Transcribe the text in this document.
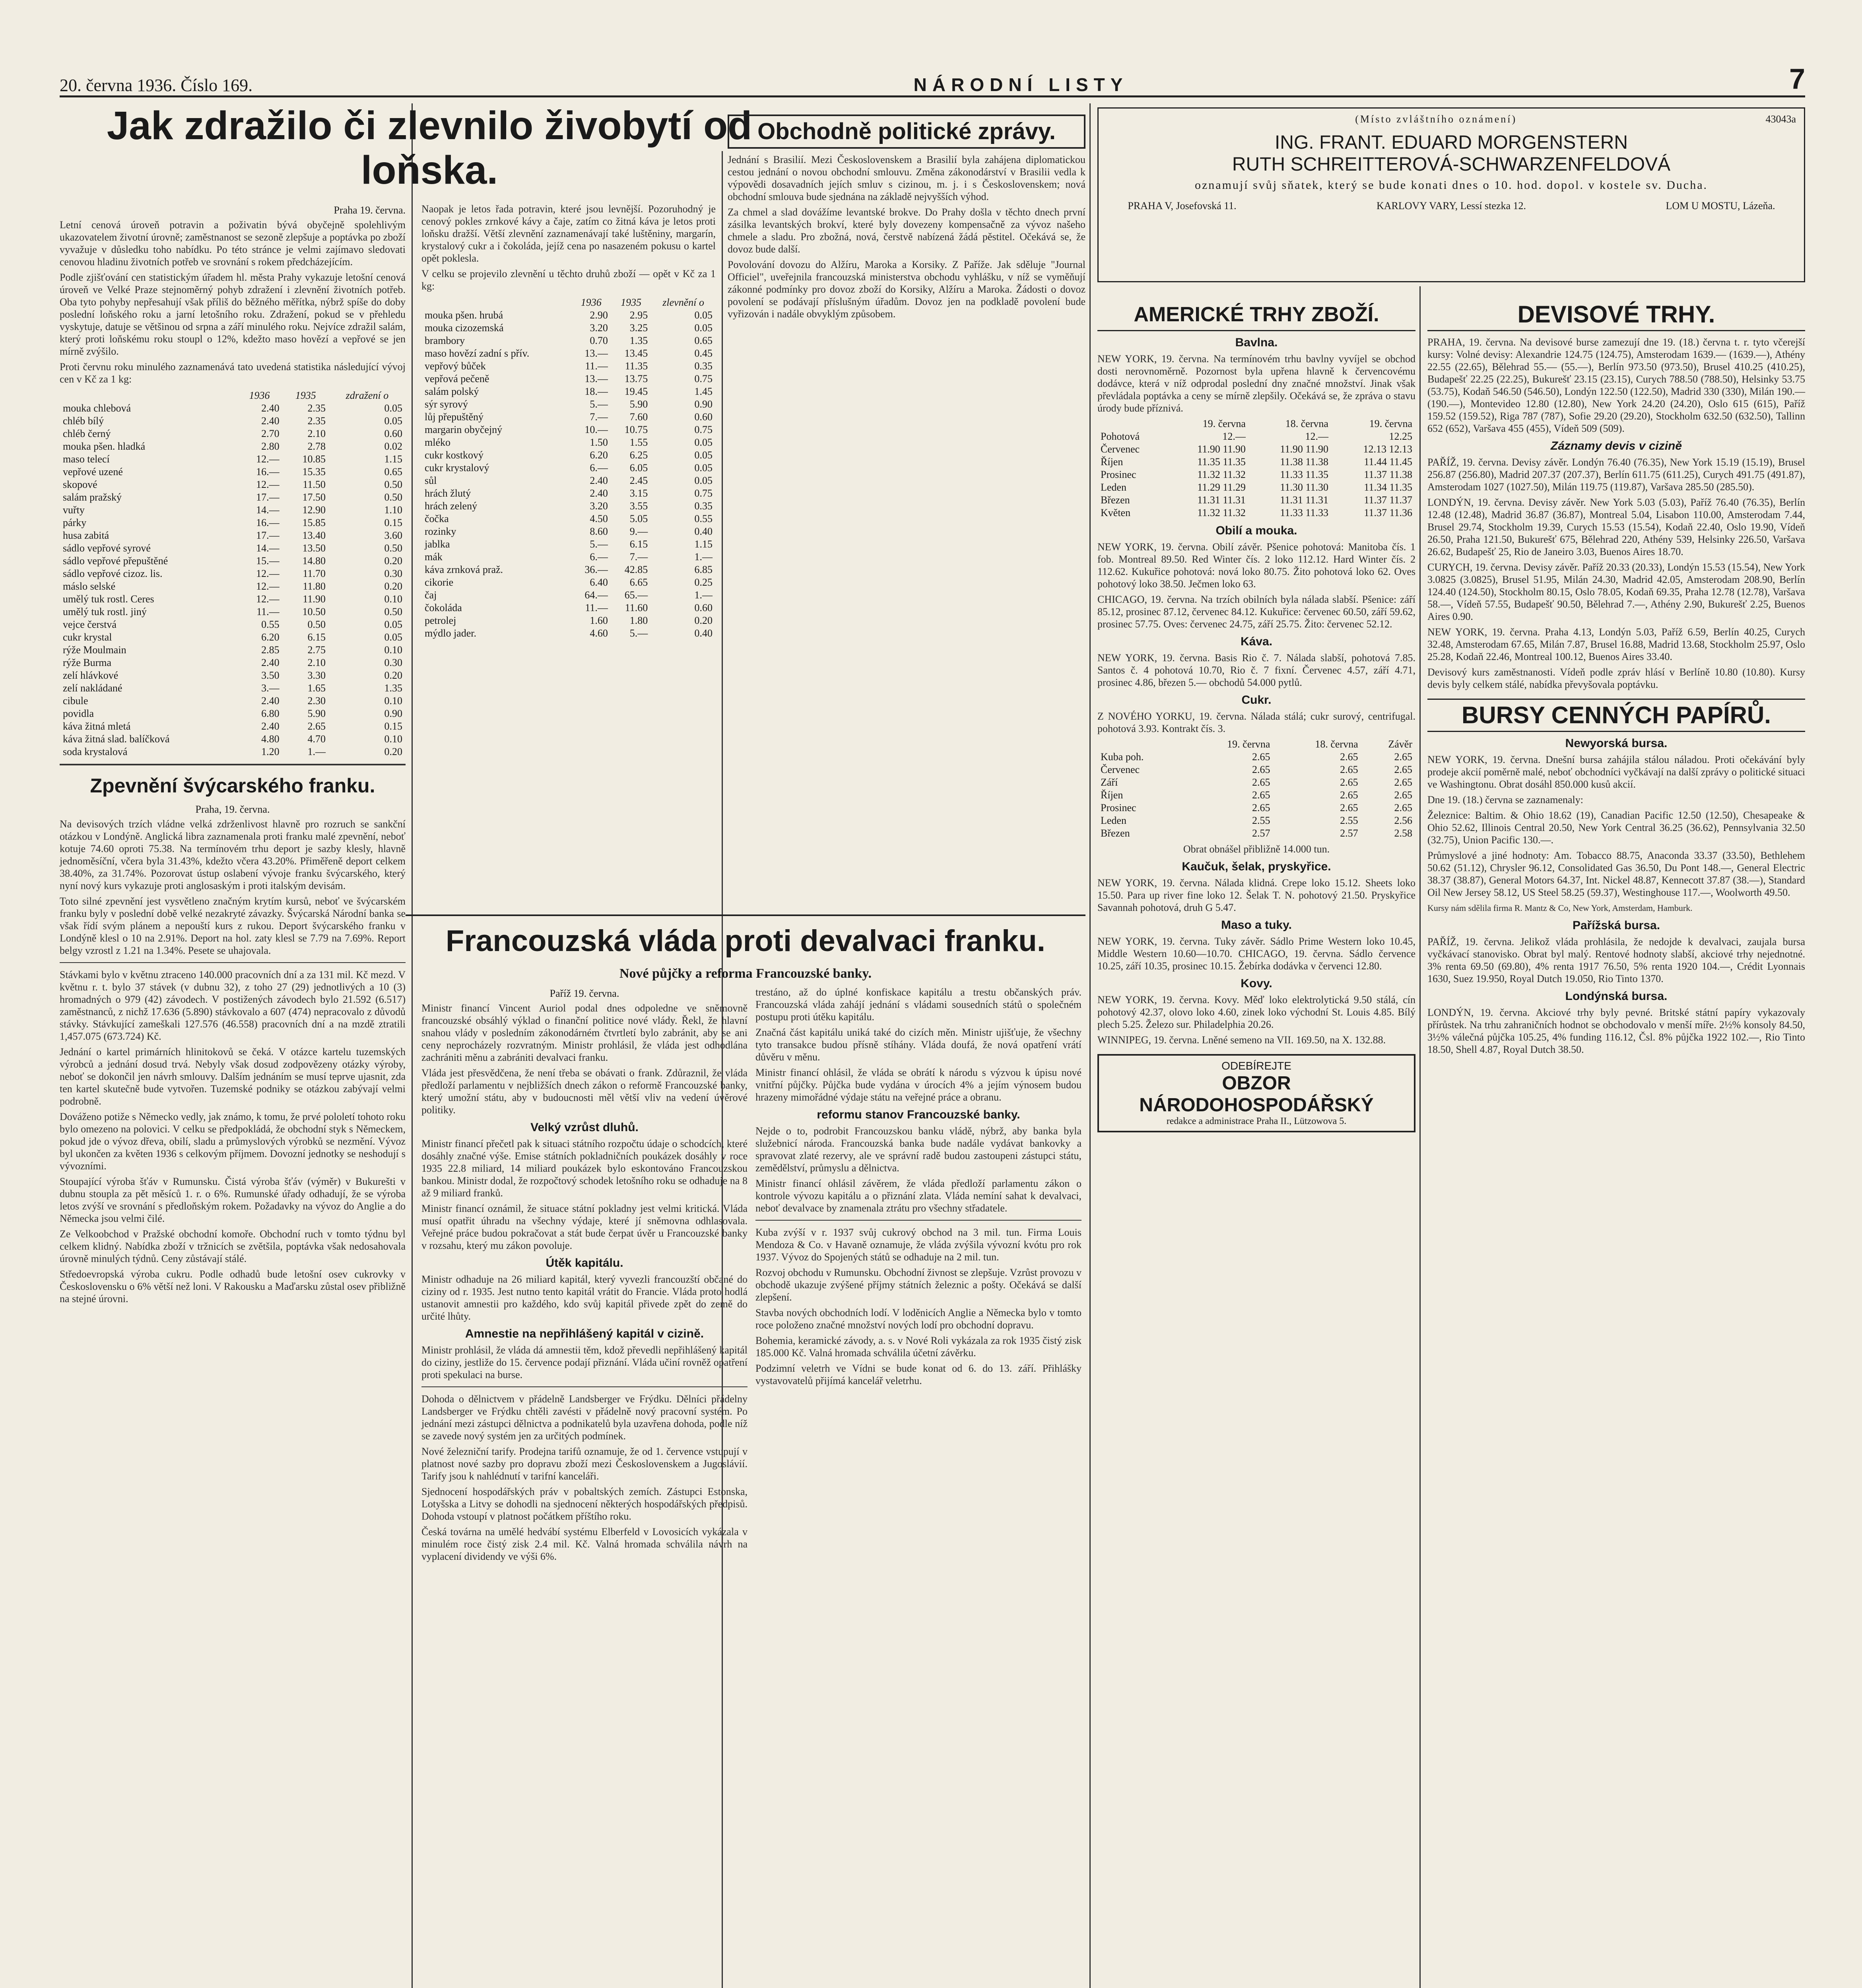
20. června 1936. Číslo 169.	NÁRODNÍ LISTY	7
Jak zdražilo či zlevnilo živobytí od loňska.
Praha 19. června.

Letní cenová úroveň potravin a poživatin bývá obyčejně spolehlivým ukazovatelem životní úrovně; zaměstnanost se sezoně zlepšuje a poptávka po zboží vyvažuje v důsledku toho nabídku. Po této stránce je velmi zajímavo sledovati cenovou hladinu životních potřeb ve srovnání s rokem předcházejícím.

Podle zjišťování cen statistickým úřadem hl. města Prahy vykazuje letošní cenová úroveň ve Velké Praze stejnoměrný pohyb zdražení i zlevnění životních potřeb. Oba tyto pohyby nepřesahují však příliš do běžného měřítka, nýbrž spíše do doby poslední loňského roku a jarní letošního roku. Zdražení, pokud se v přehledu vyskytuje, datuje se většinou od srpna a září minulého roku. Nejvíce zdražil salám, který proti loňskému roku stoupl o 12%, kdežto maso hovězí a vepřové se jen mírně zvýšilo.

Proti červnu roku minulého zaznamenává tato uvedená statistika následující vývoj cen v Kč za 1 kg:

	1936	1935	zdražení o
mouka chlebová	2.40	2.35	0.05
chléb bílý	2.40	2.35	0.05
chléb černý	2.70	2.10	0.60
mouka pšen. hladká	2.80	2.78	0.02
maso telecí	12.—	10.85	1.15
vepřové uzené	16.—	15.35	0.65
skopové	12.—	11.50	0.50
salám pražský	17.—	17.50	0.50
vuřty	14.—	12.90	1.10
párky	16.—	15.85	0.15
husa zabitá	17.—	13.40	3.60
sádlo vepřové syrové	14.—	13.50	0.50
sádlo vepřové přepuštěné	15.—	14.80	0.20
sádlo vepřové cizoz. lis.	12.—	11.70	0.30
máslo selské	12.—	11.80	0.20
umělý tuk rostl. Ceres	12.—	11.90	0.10
umělý tuk rostl. jiný	11.—	10.50	0.50
vejce čerstvá	0.55	0.50	0.05
cukr krystal	6.20	6.15	0.05
rýže Moulmain	2.85	2.75	0.10
rýže Burma	2.40	2.10	0.30
zelí hlávkové	3.50	3.30	0.20
zelí nakládané	3.—	1.65	1.35
cibule	2.40	2.30	0.10
povidla	6.80	5.90	0.90
káva žitná mletá	2.40	2.65	0.15
káva žitná slad. balíčková	4.80	4.70	0.10
soda krystalová	1.20	1.—	0.20
Zpevnění švýcarského franku.
Praha, 19. června.

Na devisových trzích vládne velká zdrženlivost hlavně pro rozruch se sankční otázkou v Londýně. Anglická libra zaznamenala proti franku malé zpevnění, neboť kotuje 74.60 oproti 75.38. Na termínovém trhu deport je sazby klesly, hlavně jednoměsíční, včera byla 31.43%, kdežto včera 43.20%. Přiměřeně deport celkem 38.40%, za 31.74%. Pozorovat ústup oslabení vývoje franku švýcarského, který nyní nový kurs vykazuje proti anglosaským i proti italským devisám.

Toto silné zpevnění jest vysvětleno značným krytím kursů, neboť ve švýcarském franku byly v poslední době velké nezakryté závazky. Švýcarská Národní banka se však řídí svým plánem a nepouští kurs z rukou. Deport švýcarského franku v Londýně klesl o 10 na 2.91%. Deport na hol. zaty klesl se 7.79 na 7.69%. Report belgy vzrostl z 1.21 na 1.34%. Pesete se uhajovala.

Stávkami bylo v květnu ztraceno 140.000 pracovních dní a za 131 mil. Kč mezd. V květnu r. t. bylo 37 stávek (v dubnu 32), z toho 27 (29) jednotlivých a 10 (3) hromadných o 979 (42) závodech. V postižených závodech bylo 21.592 (6.517) zaměstnanců, z nichž 17.636 (5.890) stávkovalo a 607 (474) nepracovalo z důvodů stávky. Stávkující zameškali 127.576 (46.558) pracovních dní a na mzdě ztratili 1,457.075 (673.724) Kč.

Jednání o kartel primárních hlinitokovů se čeká. V otázce kartelu tuzemských výrobců a jednání dosud trvá. Nebyly však dosud zodpovězeny otázky výroby, neboť se dokončil jen návrh smlouvy. Dalším jednáním se musí teprve ujasnit, zda ten kartel skutečně bude vytvořen. Tuzemské podniky se otázkou zabývají velmi podrobně.

Dováženo potiže s Německo vedly, jak známo, k tomu, že prvé pololetí tohoto roku bylo omezeno na polovici. V celku se předpokládá, že obchodní styk s Německem, pokud jde o vývoz dřeva, obilí, sladu a průmyslových výrobků se nezmění. Vývoz byl ukončen za květen 1936 s celkovým příjmem. Dovozní jednotky se neshodují s vývozními.

Stoupající výroba šťáv v Rumunsku. Čistá výroba šťáv (výměr) v Bukurešti v dubnu stoupla za pět měsíců 1. r. o 6%. Rumunské úřady odhadují, že se výroba letos zvýší ve srovnání s předloňským rokem. Požadavky na vývoz do Anglie a do Německa jsou velmi čilé.

Ze Velkoobchod v Pražské obchodní komoře. Obchodní ruch v tomto týdnu byl celkem klidný. Nabídka zboží v tržnicích se zvětšila, poptávka však nedosahovala úrovně minulých týdnů. Ceny zůstávají stálé.

Středoevropská výroba cukru. Podle odhadů bude letošní osev cukrovky v Československu o 6% větší než loni. V Rakousku a Maďarsku zůstal osev přibližně na stejné úrovni.

Naopak je letos řada potravin, které jsou levnější. Pozoruhodný je cenový pokles zrnkové kávy a čaje, zatím co žitná káva je letos proti loňsku dražší. Větší zlevnění zaznamenávají také luštěniny, margarín, krystalový cukr a i čokoláda, jejíž cena po nasazeném pokusu o kartel opět poklesla.

V celku se projevilo zlevnění u těchto druhů zboží — opět v Kč za 1 kg:

	1936	1935	zlevnění o
mouka pšen. hrubá	2.90	2.95	0.05
mouka cizozemská	3.20	3.25	0.05
brambory	0.70	1.35	0.65
maso hovězí zadní s přív.	13.—	13.45	0.45
vepřový bůček	11.—	11.35	0.35
vepřová pečeně	13.—	13.75	0.75
salám polský	18.—	19.45	1.45
sýr syrový	5.—	5.90	0.90
lůj přepuštěný	7.—	7.60	0.60
margarin obyčejný	10.—	10.75	0.75
mléko	1.50	1.55	0.05
cukr kostkový	6.20	6.25	0.05
cukr krystalový	6.—	6.05	0.05
sůl	2.40	2.45	0.05
hrách žlutý	2.40	3.15	0.75
hrách zelený	3.20	3.55	0.35
čočka	4.50	5.05	0.55
rozinky	8.60	9.—	0.40
jablka	5.—	6.15	1.15
mák	6.—	7.—	1.—
káva zrnková praž.	36.—	42.85	6.85
cikorie	6.40	6.65	0.25
čaj	64.—	65.—	1.—
čokoláda	11.—	11.60	0.60
petrolej	1.60	1.80	0.20
mýdlo jader.	4.60	5.—	0.40
Obchodně politické zprávy.

Jednání s Brasilií. Mezi Československem a Brasilií byla zahájena diplomatickou cestou jednání o novou obchodní smlouvu. Změna zákonodárství v Brasilii vedla k výpovědi dosavadních jejích smluv s cizinou, m. j. i s Československem; nová obchodní smlouva bude sjednána na základě nejvyšších výhod.

Za chmel a slad dovážíme levantské brokve. Do Prahy došla v těchto dnech první zásilka levantských brokví, které byly dovezeny kompensačně za vývoz našeho chmele a sladu. Pro zbožná, nová, čerstvě nabízená žádá pěstitel. Očekává se, že dovoz bude další.

Povolování dovozu do Alžíru, Maroka a Korsiky. Z Paříže. Jak sděluje "Journal Officiel", uveřejnila francouzská ministerstva obchodu vyhlášku, v níž se vyměňují zákonné podmínky pro dovoz zboží do Korsiky, Alžíru a Maroka. Žádosti o dovoz povolení se podávají příslušným úřadům. Dovoz jen na podkladě povolení bude vyřizován i nadále obvyklým způsobem.

Francouzská vláda proti devalvaci franku.
Nové půjčky a reforma Francouzské banky.
Paříž 19. června.

Ministr financí Vincent Auriol podal dnes odpoledne ve sněmovně francouzské obsáhlý výklad o finanční politice nové vlády. Řekl, že hlavní snahou vlády v posledním zákonodárném čtvrtletí bylo zabránit, aby se ani ceny neprocházely rozvratným. Ministr prohlásil, že vláda jest odhodlána zachrániti měnu a zabrániti devalvaci franku.

Vláda jest přesvědčena, že není třeba se obávati o frank. Zdůraznil, že vláda předloží parlamentu v nejbližších dnech zákon o reformě Francouzské banky, který umožní státu, aby v budoucnosti měl větší vliv na vedení úvěrové politiky.

Velký vzrůst dluhů.

Ministr financí přečetl pak k situaci státního rozpočtu údaje o schodcích, které dosáhly značné výše. Emise státních pokladničních poukázek dosáhly v roce 1935 22.8 miliard, 14 miliard poukázek bylo eskontováno Francouzskou bankou. Ministr dodal, že rozpočtový schodek letošního roku se odhaduje na 8 až 9 miliard franků.

Ministr financí oznámil, že situace státní pokladny jest velmi kritická. Vláda musí opatřit úhradu na všechny výdaje, které jí sněmovna odhlasovala. Veřejné práce budou pokračovat a stát bude čerpat úvěr u Francouzské banky v rozsahu, který mu zákon povoluje.

Útěk kapitálu.

Ministr odhaduje na 26 miliard kapitál, který vyvezli francouzští občané do ciziny od r. 1935. Jest nutno tento kapitál vrátit do Francie. Vláda proto hodlá ustanovit amnestii pro každého, kdo svůj kapitál přivede zpět do země do určité lhůty.

Amnestie na nepřihlášený kapitál v cizině.

Ministr prohlásil, že vláda dá amnestii těm, kdož převedli nepřihlášený kapitál do ciziny, jestliže do 15. července podají přiznání. Vláda učiní rovněž opatření proti spekulaci na burse.

Dohoda o dělnictvem v přádelně Landsberger ve Frýdku. Dělníci přádelny Landsberger ve Frýdku chtěli zavésti v přádelně nový pracovní systém. Po jednání mezi zástupci dělnictva a podnikatelů byla uzavřena dohoda, podle níž se zavede nový systém jen za určitých podmínek.

Nové železniční tarify. Prodejna tarifů oznamuje, že od 1. července vstupují v platnost nové sazby pro dopravu zboží mezi Československem a Jugoslávií. Tarify jsou k nahlédnutí v tarifní kanceláři.

Sjednocení hospodářských práv v pobaltských zemích. Zástupci Estonska, Lotyšska a Litvy se dohodli na sjednocení některých hospodářských předpisů. Dohoda vstoupí v platnost počátkem příštího roku.

Česká továrna na umělé hedvábí systému Elberfeld v Lovosicích vykázala v minulém roce čistý zisk 2.4 mil. Kč. Valná hromada schválila návrh na vyplacení dividendy ve výši 6%.

trestáno, až do úplné konfiskace kapitálu a trestu občanských práv. Francouzská vláda zahájí jednání s vládami sousedních států o společném postupu proti útěku kapitálu.

Značná část kapitálu uniká také do cizích měn. Ministr ujišťuje, že všechny tyto transakce budou přísně stíhány. Vláda doufá, že nová opatření vrátí důvěru v měnu.

Ministr financí ohlásil, že vláda se obrátí k národu s výzvou k úpisu nové vnitřní půjčky. Půjčka bude vydána v úrocích 4% a jejím výnosem budou hrazeny mimořádné výdaje státu na veřejné práce a obranu.

reformu stanov Francouzské banky.

Nejde o to, podrobit Francouzskou banku vládě, nýbrž, aby banka byla služebnicí národa. Francouzská banka bude nadále vydávat bankovky a spravovat zlaté rezervy, ale ve správní radě budou zastoupeni zástupci státu, zemědělství, průmyslu a dělnictva.

Ministr financí ohlásil závěrem, že vláda předloží parlamentu zákon o kontrole vývozu kapitálu a o přiznání zlata. Vláda nemíní sahat k devalvaci, neboť devalvace by znamenala ztrátu pro všechny střadatele.

Kuba zvýší v r. 1937 svůj cukrový obchod na 3 mil. tun. Firma Louis Mendoza & Co. v Havaně oznamuje, že vláda zvýšila vývozní kvótu pro rok 1937. Vývoz do Spojených států se odhaduje na 2 mil. tun.

Rozvoj obchodu v Rumunsku. Obchodní živnost se zlepšuje. Vzrůst provozu v obchodě ukazuje zvýšené příjmy státních železnic a pošty. Očekává se další zlepšení.

Stavba nových obchodních lodí. V loděnicích Anglie a Německa bylo v tomto roce položeno značné množství nových lodí pro obchodní dopravu.

Bohemia, keramické závody, a. s. v Nové Roli vykázala za rok 1935 čistý zisk 185.000 Kč. Valná hromada schválila účetní závěrku.

Podzimní veletrh ve Vídni se bude konat od 6. do 13. září. Přihlášky vystavovatelů přijímá kancelář veletrhu.

(Místo zvláštního oznámení)	43043a
ING. FRANT. EDUARD MORGENSTERN
RUTH SCHREITTEROVÁ-SCHWARZENFELDOVÁ
oznamují svůj sňatek, který se bude konati dnes o 10. hod. dopol. v kostele sv. Ducha.
PRAHA V, Josefovská 11.	KARLOVY VARY, Lessí stezka 12.	LOM U MOSTU, Lázeňa.
AMERICKÉ TRHY ZBOŽÍ.
Bavlna.

NEW YORK, 19. června. Na termínovém trhu bavlny vyvíjel se obchod dosti nerovnoměrně. Pozornost byla upřena hlavně k červencovému dodávce, která v níž odprodal poslední dny značné množství. Jinak však převládala poptávka a ceny se mírně zlepšily. Očekává se, že zpráva o stavu úrody bude příznivá.

	19. června	18. června	19. června
Pohotová	12.—	12.—	12.25
Červenec	11.90 11.90	11.90 11.90	12.13 12.13
Říjen	11.35 11.35	11.38 11.38	11.44 11.45
Prosinec	11.32 11.32	11.33 11.35	11.37 11.38
Leden	11.29 11.29	11.30 11.30	11.34 11.35
Březen	11.31 11.31	11.31 11.31	11.37 11.37
Květen	11.32 11.32	11.33 11.33	11.37 11.36
Obilí a mouka.

NEW YORK, 19. června. Obilí závěr. Pšenice pohotová: Manitoba čís. 1 fob. Montreal 89.50. Red Winter čís. 2 loko 112.12. Hard Winter čís. 2 112.62. Kukuřice pohotová: nová loko 80.75. Žito pohotová loko 62. Oves pohotový loko 38.50. Ječmen loko 63.

CHICAGO, 19. června. Na trzích obilních byla nálada slabší. Pšenice: září 85.12, prosinec 87.12, červenec 84.12. Kukuřice: červenec 60.50, září 59.62, prosinec 57.75. Oves: červenec 24.75, září 25.75. Žito: červenec 52.12.

Káva.

NEW YORK, 19. června. Basis Rio č. 7. Nálada slabší, pohotová 7.85. Santos č. 4 pohotová 10.70, Rio č. 7 fixní. Červenec 4.57, září 4.71, prosinec 4.86, březen 5.— obchodů 54.000 pytlů.

Cukr.

Z NOVÉHO YORKU, 19. června. Nálada stálá; cukr surový, centrifugal. pohotová 3.93. Kontrakt čís. 3.

	19. června	18. června	Závěr
Kuba poh.	2.65	2.65	2.65
Červenec	2.65	2.65	2.65
Září	2.65	2.65	2.65
Říjen	2.65	2.65	2.65
Prosinec	2.65	2.65	2.65
Leden	2.55	2.55	2.56
Březen	2.57	2.57	2.58

Obrat obnášel přibližně 14.000 tun.

Kaučuk, šelak, pryskyřice.

NEW YORK, 19. června. Nálada klidná. Crepe loko 15.12. Sheets loko 15.50. Para up river fine loko 12. Šelak T. N. pohotový 21.50. Pryskyřice Savannah pohotová, druh G 5.47.

Maso a tuky.

NEW YORK, 19. června. Tuky závěr. Sádlo Prime Western loko 10.45, Middle Western 10.60—10.70. CHICAGO, 19. června. Sádlo července 10.25, září 10.35, prosinec 10.15. Žebírka dodávka v červenci 12.80.

Kovy.

NEW YORK, 19. června. Kovy. Měď loko elektrolytická 9.50 stálá, cín pohotový 42.37, olovo loko 4.60, zinek loko východní St. Louis 4.85. Bílý plech 5.25. Železo sur. Philadelphia 20.26.

WINNIPEG, 19. června. Lněné semeno na VII. 169.50, na X. 132.88.

ODEBÍREJTE
OBZOR NÁRODOHOSPODÁŘSKÝ
redakce a administrace Praha II., Lützowova 5.
DEVISOVÉ TRHY.

PRAHA, 19. června. Na devisové burse zamezují dne 19. (18.) června t. r. tyto včerejší kursy: Volné devisy: Alexandrie 124.75 (124.75), Amsterodam 1639.— (1639.—), Athény 22.55 (22.65), Bělehrad 55.— (55.—), Berlín 973.50 (973.50), Brusel 410.25 (410.25), Budapešť 22.25 (22.25), Bukurešť 23.15 (23.15), Curych 788.50 (788.50), Helsinky 53.75 (53.75), Kodaň 546.50 (546.50), Londýn 122.50 (122.50), Madrid 330 (330), Milán 190.— (190.—), Montevideo 12.80 (12.80), New York 24.20 (24.20), Oslo 615 (615), Paříž 159.52 (159.52), Riga 787 (787), Sofie 29.20 (29.20), Stockholm 632.50 (632.50), Tallinn 652 (652), Varšava 455 (455), Vídeň 509 (509).

Záznamy devis v cizině

PAŘÍŽ, 19. června. Devisy závěr. Londýn 76.40 (76.35), New York 15.19 (15.19), Brusel 256.87 (256.80), Madrid 207.37 (207.37), Berlín 611.75 (611.25), Curych 491.75 (491.87), Amsterodam 1027 (1027.50), Milán 119.75 (119.87), Varšava 285.50 (285.50).

LONDÝN, 19. června. Devisy závěr. New York 5.03 (5.03), Paříž 76.40 (76.35), Berlín 12.48 (12.48), Madrid 36.87 (36.87), Montreal 5.04, Lisabon 110.00, Amsterodam 7.44, Brusel 29.74, Stockholm 19.39, Curych 15.53 (15.54), Kodaň 22.40, Oslo 19.90, Vídeň 26.50, Praha 121.50, Bukurešť 675, Bělehrad 220, Athény 539, Helsinky 226.50, Varšava 26.62, Budapešť 25, Rio de Janeiro 3.03, Buenos Aires 18.70.

CURYCH, 19. června. Devisy závěr. Paříž 20.33 (20.33), Londýn 15.53 (15.54), New York 3.0825 (3.0825), Brusel 51.95, Milán 24.30, Madrid 42.05, Amsterodam 208.90, Berlín 124.40 (124.50), Stockholm 80.15, Oslo 78.05, Kodaň 69.35, Praha 12.78 (12.78), Varšava 58.—, Vídeň 57.55, Budapešť 90.50, Bělehrad 7.—, Athény 2.90, Bukurešť 2.25, Buenos Aires 0.90.

NEW YORK, 19. června. Praha 4.13, Londýn 5.03, Paříž 6.59, Berlín 40.25, Curych 32.48, Amsterodam 67.65, Milán 7.87, Brusel 16.88, Madrid 13.68, Stockholm 25.97, Oslo 25.28, Kodaň 22.46, Montreal 100.12, Buenos Aires 33.40.

Devisový kurs zaměstnanosti. Vídeň podle zpráv hlásí v Berlíně 10.80 (10.80). Kursy devis byly celkem stálé, nabídka převyšovala poptávku.

BURSY CENNÝCH PAPÍRŮ.
Newyorská bursa.

NEW YORK, 19. června. Dnešní bursa zahájila stálou náladou. Proti očekávání byly prodeje akcií poměrně malé, neboť obchodníci vyčkávají na další zprávy o politické situaci ve Washingtonu. Obrat dosáhl 850.000 kusů akcií.

Dne 19. (18.) června se zaznamenaly:

Železnice: Baltim. & Ohio 18.62 (19), Canadian Pacific 12.50 (12.50), Chesapeake & Ohio 52.62, Illinois Central 20.50, New York Central 36.25 (36.62), Pennsylvania 32.50 (32.75), Union Pacific 130.—.

Průmyslové a jiné hodnoty: Am. Tobacco 88.75, Anaconda 33.37 (33.50), Bethlehem 50.62 (51.12), Chrysler 96.12, Consolidated Gas 36.50, Du Pont 148.—, General Electric 38.37 (38.87), General Motors 64.37, Int. Nickel 48.87, Kennecott 37.87 (38.—), Standard Oil New Jersey 58.12, US Steel 58.25 (59.37), Westinghouse 117.—, Woolworth 49.50.

Kursy nám sdělila firma R. Mantz & Co, New York, Amsterdam, Hamburk.

Pařížská bursa.

PAŘÍŽ, 19. června. Jelikož vláda prohlásila, že nedojde k devalvaci, zaujala bursa vyčkávací stanovisko. Obrat byl malý. Rentové hodnoty slabší, akciové trhy nejednotné. 3% renta 69.50 (69.80), 4% renta 1917 76.50, 5% renta 1920 104.—, Crédit Lyonnais 1630, Suez 19.950, Royal Dutch 19.050, Rio Tinto 1370.

Londýnská bursa.

LONDÝN, 19. června. Akciové trhy byly pevné. Britské státní papíry vykazovaly přírůstek. Na trhu zahraničních hodnot se obchodovalo v menší míře. 2½% konsoly 84.50, 3½% válečná půjčka 105.25, 4% funding 116.12, Čsl. 8% půjčka 1922 102.—, Rio Tinto 18.50, Shell 4.87, Royal Dutch 38.50.
